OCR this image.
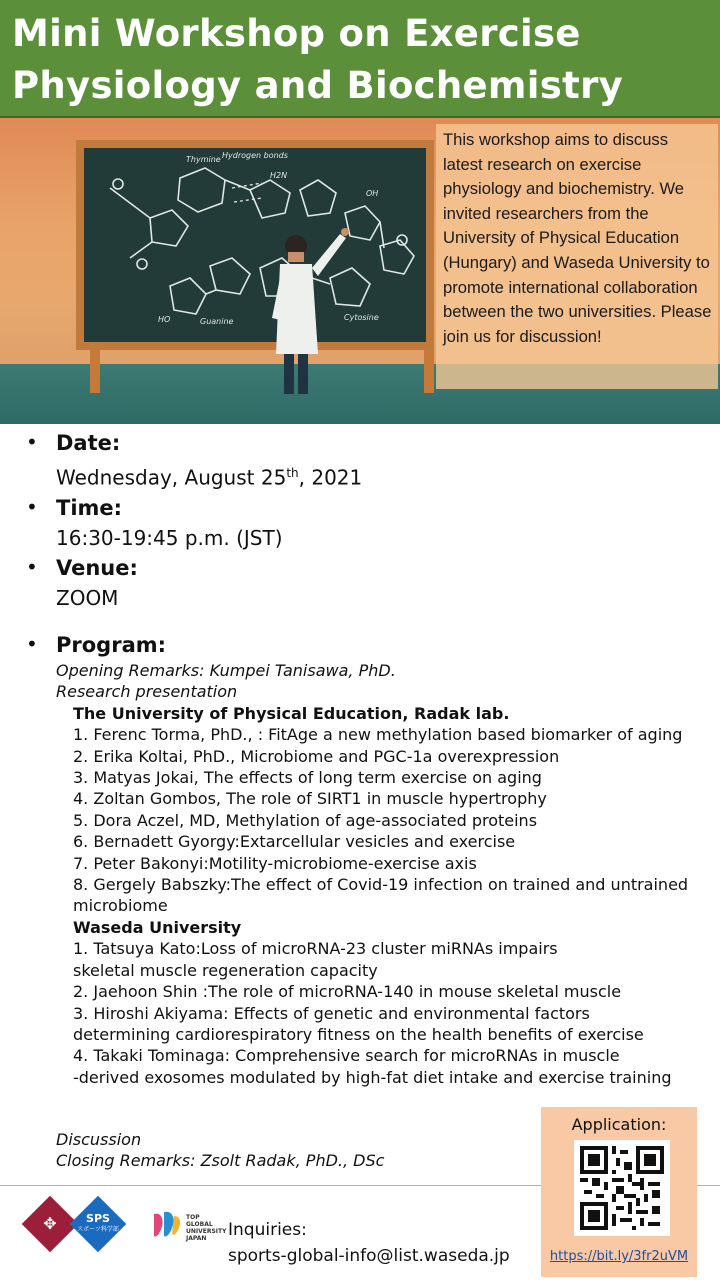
Mini Workshop on Exercise
Physiology and Biochemistry
Thymine Hydrogen bonds
Guanine	Cytosine
HO
OH
H2N
This workshop aims to discuss latest research on exercise physiology and biochemistry. We invited researchers from the University of Physical Education (Hungary) and Waseda University to promote international collaboration between the two universities. Please join us for discussion!
• Date:
Wednesday, August 25th, 2021
• Time:
16:30-19:45 p.m. (JST)
• Venue:
ZOOM
• Program:
Opening Remarks: Kumpei Tanisawa, PhD.
Research presentation
The University of Physical Education, Radak lab.
1. Ferenc Torma, PhD., : FitAge a new methylation based biomarker of aging
2. Erika Koltai, PhD., Microbiome and PGC-1a overexpression
3. Matyas Jokai, The effects of long term exercise on aging
4. Zoltan Gombos, The role of SIRT1 in muscle hypertrophy
5. Dora Aczel, MD, Methylation of age-associated proteins
6. Bernadett Gyorgy:Extarcellular vesicles and exercise
7. Peter Bakonyi:Motility-microbiome-exercise axis
8. Gergely Babszky:The effect of Covid-19 infection on trained and untrained
microbiome
Waseda University
1. Tatsuya Kato:Loss of microRNA-23 cluster miRNAs impairs
skeletal muscle regeneration capacity
2. Jaehoon Shin :The role of microRNA-140 in mouse skeletal muscle
3. Hiroshi Akiyama: Effects of genetic and environmental factors
determining cardiorespiratory fitness on the health benefits of exercise
4. Takaki Tominaga: Comprehensive search for microRNAs in muscle
-derived exosomes modulated by high-fat diet intake and exercise training
Discussion
Closing Remarks: Zsolt Radak, PhD., DSc
✥	SPS
スポーツ科学部
TOP GLOBAL UNIVERSITY JAPAN	Inquiries:
sports-global-info@list.waseda.jp
Application:
https://bit.ly/3fr2uVM
